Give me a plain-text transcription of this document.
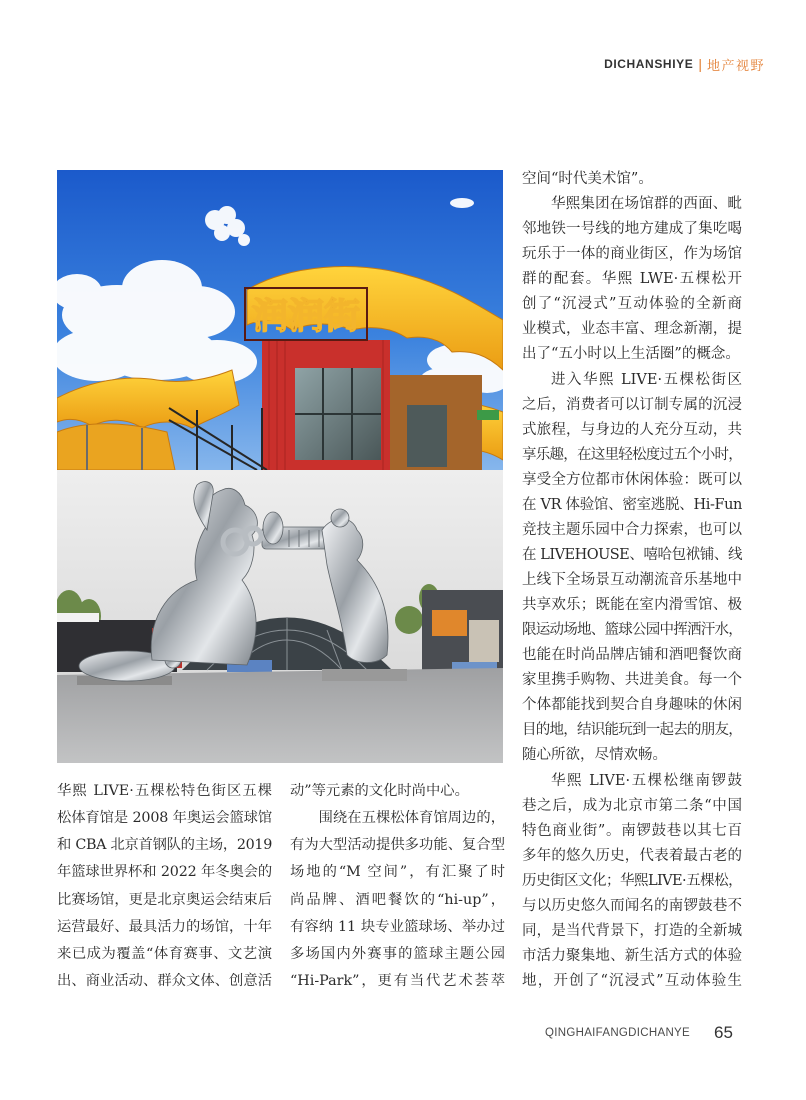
DICHANSHIYE | 地产视野
润润街
华熙 LIVE·五棵松特色街区五棵
松体育馆是 2008 年奥运会篮球馆
和 CBA 北京首钢队的主场，2019
年篮球世界杯和 2022 年冬奥会的
比赛场馆，更是北京奥运会结束后
运营最好、最具活力的场馆，十年
来已成为覆盖“体育赛事、文艺演
出、商业活动、群众文体、创意活
动”等元素的文化时尚中心。
围绕在五棵松体育馆周边的，
有为大型活动提供多功能、复合型
场地的“M 空间”，有汇聚了时
尚品牌、酒吧餐饮的“hi-up”，
有容纳 11 块专业篮球场、举办过
多场国内外赛事的篮球主题公园
“Hi-Park”，更有当代艺术荟萃
空间“时代美术馆”。
华熙集团在场馆群的西面、毗
邻地铁一号线的地方建成了集吃喝
玩乐于一体的商业街区，作为场馆
群的配套。华熙 LWE·五棵松开
创了“沉浸式”互动体验的全新商
业模式，业态丰富、理念新潮，提
出了“五小时以上生活圈”的概念。
进入华熙 LIVE·五棵松街区
之后，消费者可以订制专属的沉浸
式旅程，与身边的人充分互动，共
享乐趣，在这里轻松度过五个小时，
享受全方位都市休闲体验：既可以
在 VR 体验馆、密室逃脱、Hi-Fun
竞技主题乐园中合力探索，也可以
在 LIVEHOUSE、嘻哈包袱铺、线
上线下全场景互动潮流音乐基地中
共享欢乐；既能在室内滑雪馆、极
限运动场地、篮球公园中挥洒汗水，
也能在时尚品牌店铺和酒吧餐饮商
家里携手购物、共进美食。每一个
个体都能找到契合自身趣味的休闲
目的地，结识能玩到一起去的朋友，
随心所欲，尽情欢畅。
华熙 LIVE·五棵松继南锣鼓
巷之后，成为北京市第二条“中国
特色商业街”。南锣鼓巷以其七百
多年的悠久历史，代表着最古老的
历史街区文化；华熙LIVE·五棵松，
与以历史悠久而闻名的南锣鼓巷不
同，是当代背景下，打造的全新城
市活力聚集地、新生活方式的体验
地，开创了“沉浸式”互动体验生
QINGHAIFANGDICHANYE 65
